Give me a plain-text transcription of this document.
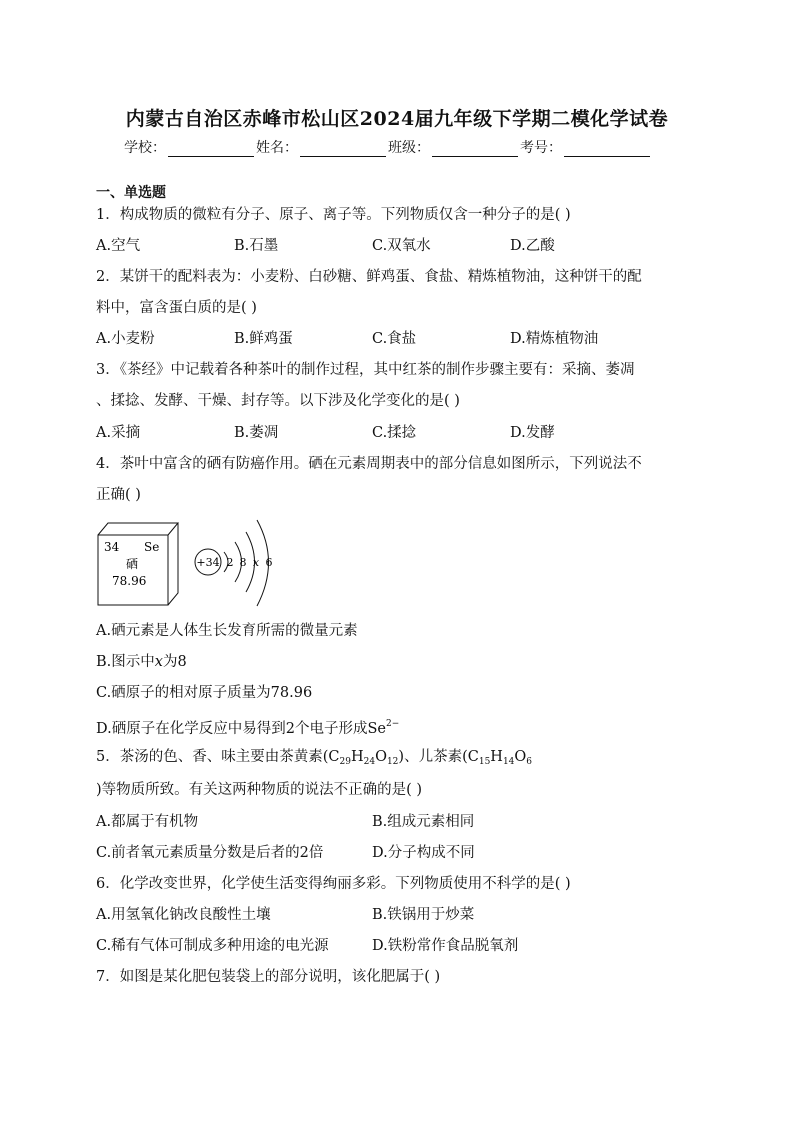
内蒙古自治区赤峰市松山区2024届九年级下学期二模化学试卷
学校：	姓名：	班级：	考号：
一、单选题
1．构成物质的微粒有分子、原子、离子等。下列物质仅含一种分子的是( )
A.空气	B.石墨	C.双氧水	D.乙酸
2．某饼干的配料表为：小麦粉、白砂糖、鲜鸡蛋、食盐、精炼植物油，这种饼干的配
料中，富含蛋白质的是( )
A.小麦粉	B.鲜鸡蛋	C.食盐	D.精炼植物油
3．《茶经》中记载着各种茶叶的制作过程，其中红茶的制作步骤主要有：采摘、萎凋
、揉捻、发酵、干燥、封存等。以下涉及化学变化的是( )
A.采摘	B.萎凋	C.揉捻	D.发酵
4．茶叶中富含的硒有防癌作用。硒在元素周期表中的部分信息如图所示，下列说法不
正确( )
34 Se
硒
78.96
+34 2 8 x 6
A.硒元素是人体生长发育所需的微量元素
B.图示中x为8
C.硒原子的相对原子质量为78.96
D.硒原子在化学反应中易得到2个电子形成$Se^{2-}$
5．茶汤的色、香、味主要由茶黄素$(C_{29}H_{24}O_{12})$、儿茶素($C_{15}H_{14}O_6$
)等物质所致。有关这两种物质的说法不正确的是( )
A.都属于有机物	B.组成元素相同
C.前者氧元素质量分数是后者的2倍	D.分子构成不同
6．化学改变世界，化学使生活变得绚丽多彩。下列物质使用不科学的是( )
A.用氢氧化钠改良酸性土壤	B.铁锅用于炒菜
C.稀有气体可制成多种用途的电光源	D.铁粉常作食品脱氧剂
7．如图是某化肥包装袋上的部分说明，该化肥属于( )
